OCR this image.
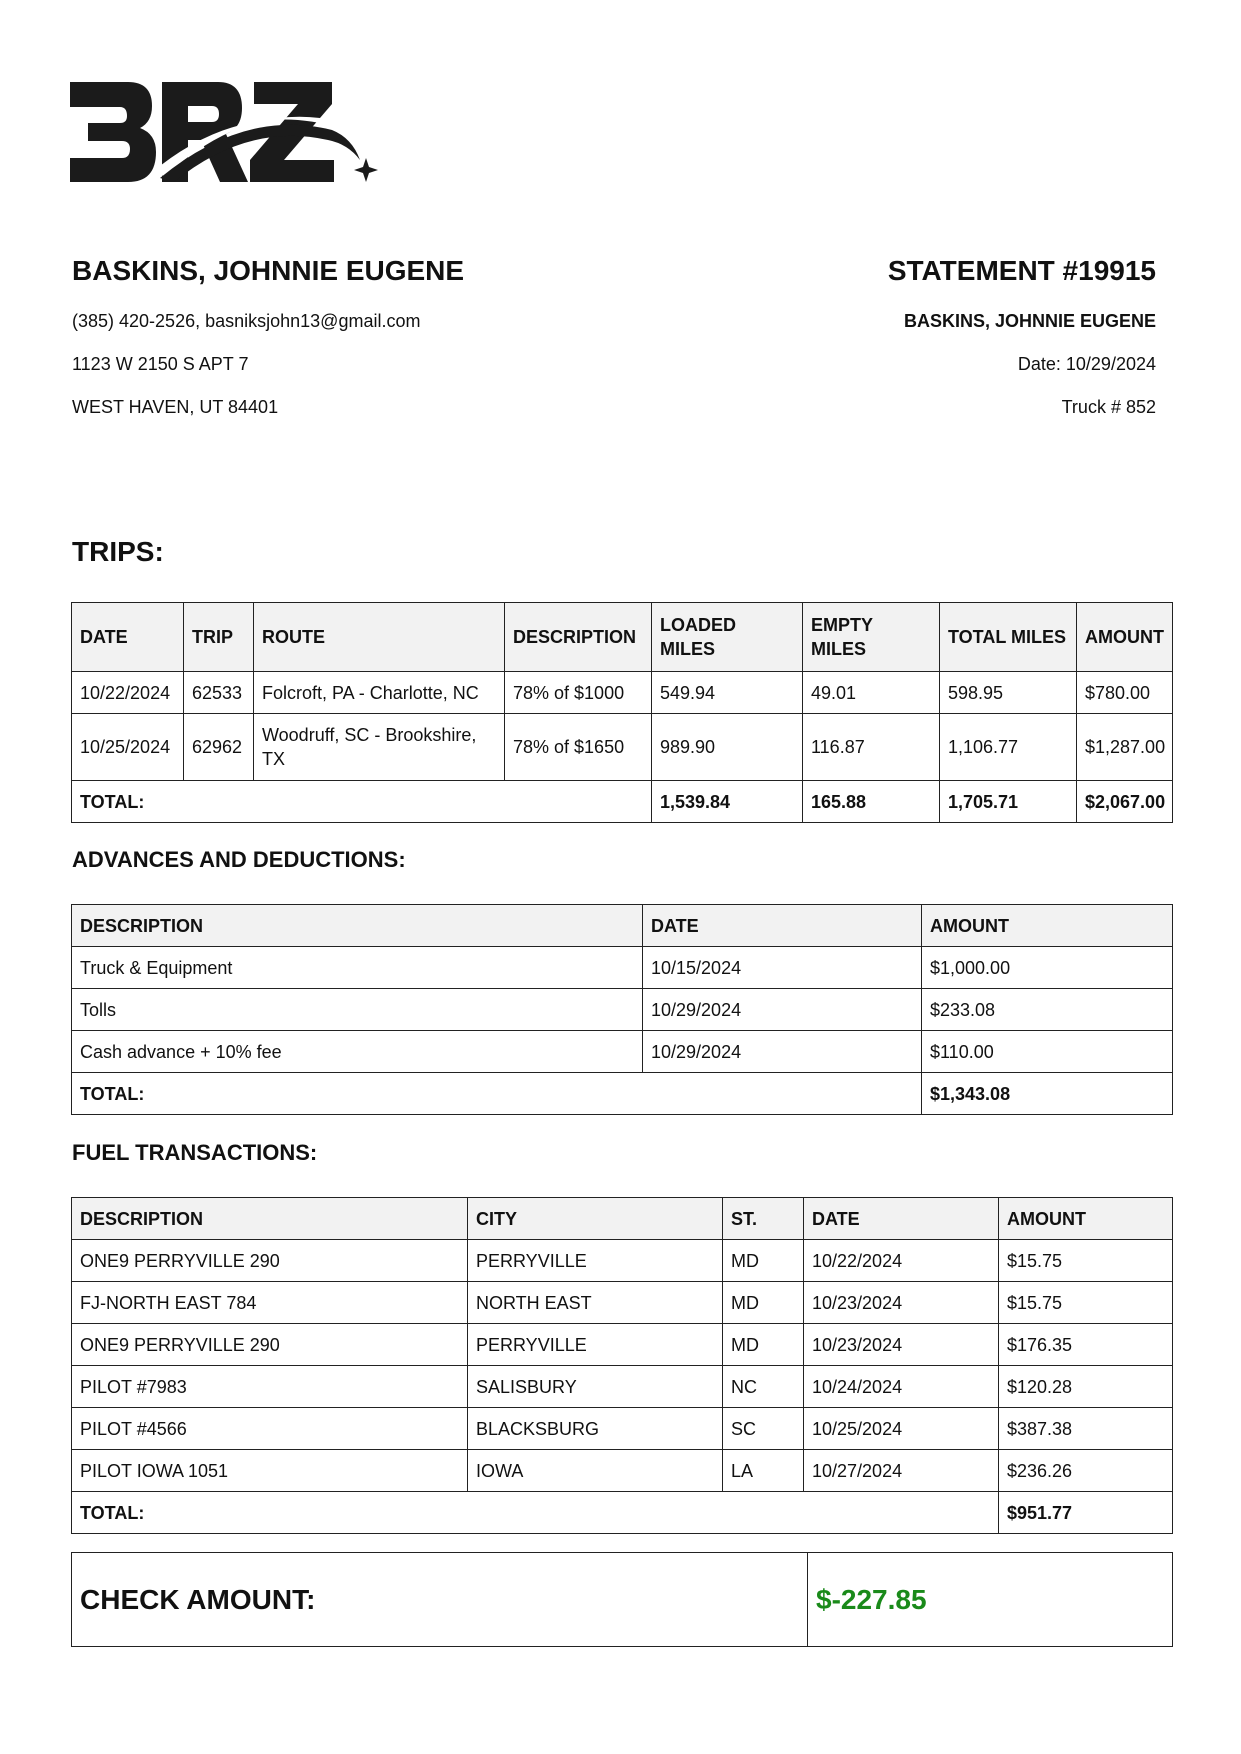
BASKINS, JOHNNIE EUGENE
(385) 420-2526, basniksjohn13@gmail.com
1123 W 2150 S APT 7
WEST HAVEN, UT 84401
STATEMENT #19915
BASKINS, JOHNNIE EUGENE
Date: 10/29/2024
Truck # 852
TRIPS:
DATE	TRIP	ROUTE	DESCRIPTION	LOADED MILES	EMPTY MILES	TOTAL MILES	AMOUNT
10/22/2024	62533	Folcroft, PA - Charlotte, NC	78% of $1000	549.94	49.01	598.95	$780.00
10/25/2024	62962	Woodruff, SC - Brookshire, TX	78% of $1650	989.90	116.87	1,106.77	$1,287.00
TOTAL:				1,539.84	165.88	1,705.71	$2,067.00
ADVANCES AND DEDUCTIONS:
DESCRIPTION	DATE	AMOUNT
Truck & Equipment	10/15/2024	$1,000.00
Tolls	10/29/2024	$233.08
Cash advance + 10% fee	10/29/2024	$110.00
TOTAL:		$1,343.08
FUEL TRANSACTIONS:
DESCRIPTION	CITY	ST.	DATE	AMOUNT
ONE9 PERRYVILLE 290	PERRYVILLE	MD	10/22/2024	$15.75
FJ-NORTH EAST 784	NORTH EAST	MD	10/23/2024	$15.75
ONE9 PERRYVILLE 290	PERRYVILLE	MD	10/23/2024	$176.35
PILOT #7983	SALISBURY	NC	10/24/2024	$120.28
PILOT #4566	BLACKSBURG	SC	10/25/2024	$387.38
PILOT IOWA 1051	IOWA	LA	10/27/2024	$236.26
TOTAL:				$951.77
CHECK AMOUNT:	$-227.85
